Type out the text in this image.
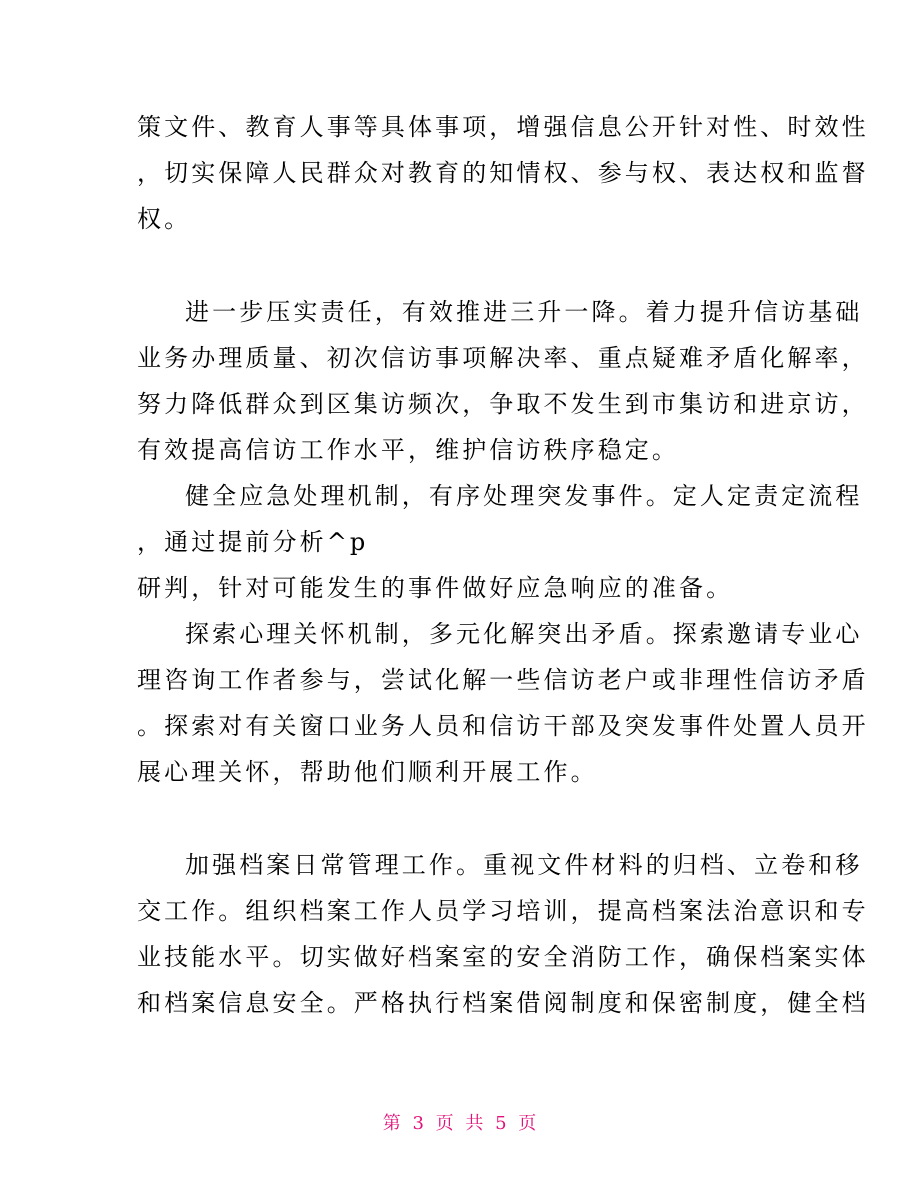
策文件、教育人事等具体事项，增强信息公开针对性、时效性
，切实保障人民群众对教育的知情权、参与权、表达权和监督
权。
进一步压实责任，有效推进三升一降。着力提升信访基础
业务办理质量、初次信访事项解决率、重点疑难矛盾化解率，
努力降低群众到区集访频次，争取不发生到市集访和进京访，
有效提高信访工作水平，维护信访秩序稳定。
健全应急处理机制，有序处理突发事件。定人定责定流程
，通过提前分析^p
研判，针对可能发生的事件做好应急响应的准备。
探索心理关怀机制，多元化解突出矛盾。探索邀请专业心
理咨询工作者参与，尝试化解一些信访老户或非理性信访矛盾
。探索对有关窗口业务人员和信访干部及突发事件处置人员开
展心理关怀，帮助他们顺利开展工作。
加强档案日常管理工作。重视文件材料的归档、立卷和移
交工作。组织档案工作人员学习培训，提高档案法治意识和专
业技能水平。切实做好档案室的安全消防工作，确保档案实体
和档案信息安全。严格执行档案借阅制度和保密制度，健全档
第 3 页 共 5 页
